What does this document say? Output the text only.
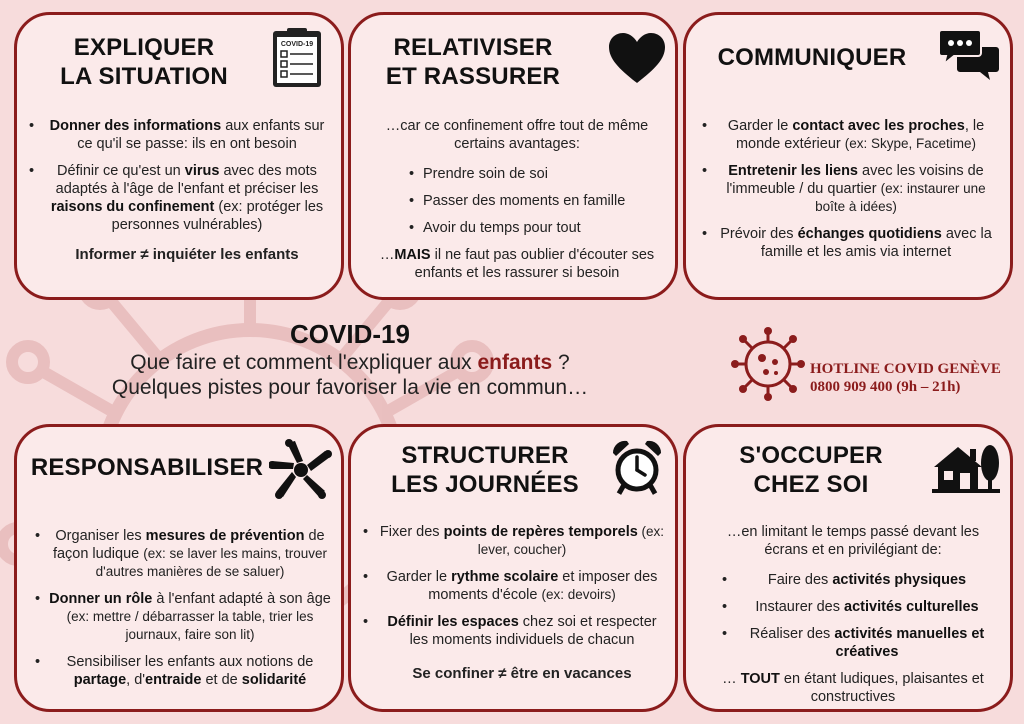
EXPLIQUER
LA SITUATION
COVID-19
• Donner des informations aux enfants sur ce qu'il se passe: ils en ont besoin
• Définir ce qu'est un virus avec des mots adaptés à l'âge de l'enfant et préciser les raisons du confinement (ex: protéger les personnes vulnérables)
Informer ≠ inquiéter les enfants
RELATIVISER
ET RASSURER
…car ce confinement offre tout de même certains avantages:
• Prendre soin de soi
• Passer des moments en famille
• Avoir du temps pour tout
…MAIS il ne faut pas oublier d'écouter ses enfants et les rassurer si besoin
COMMUNIQUER
• Garder le contact avec les proches, le monde extérieur (ex: Skype, Facetime)
• Entretenir les liens avec les voisins de l'immeuble / du quartier (ex: instaurer une boîte à idées)
• Prévoir des échanges quotidiens avec la famille et les amis via internet
COVID-19
Que faire et comment l'expliquer aux enfants ?
Quelques pistes pour favoriser la vie en commun…
HOTLINE COVID GENÈVE
0800 909 400 (9h – 21h)
RESPONSABILISER
• Organiser les mesures de prévention de façon ludique (ex: se laver les mains, trouver d'autres manières de se saluer)
• Donner un rôle à l'enfant adapté à son âge (ex: mettre / débarrasser la table, trier les journaux, faire son lit)
• Sensibiliser les enfants aux notions de partage, d'entraide et de solidarité
STRUCTURER
LES JOURNÉES
• Fixer des points de repères temporels (ex: lever, coucher)
• Garder le rythme scolaire et imposer des moments d'école (ex: devoirs)
• Définir les espaces chez soi et respecter les moments individuels de chacun
Se confiner ≠ être en vacances
S'OCCUPER
CHEZ SOI
…en limitant le temps passé devant les écrans et en privilégiant de:
• Faire des activités physiques
• Instaurer des activités culturelles
• Réaliser des activités manuelles et créatives
… TOUT en étant ludiques, plaisantes et constructives
